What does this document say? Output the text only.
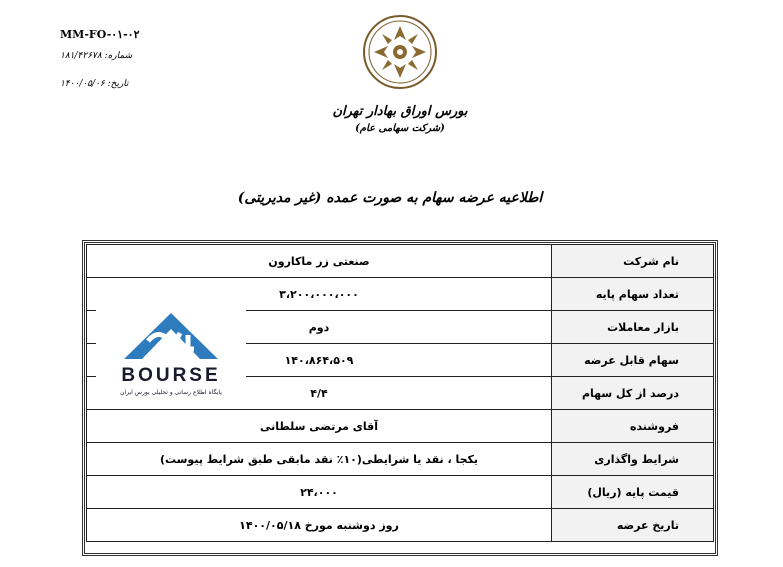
MM-FO-۰۱-۰۲
شماره: ۱۸۱/۴۲۶۷۸
تاریخ: ۱۴۰۰/۰۵/۰۶
بورس اوراق بهادار تهران
(شرکت سهامی عام)
اطلاعیه عرضه سهام به صورت عمده (غیر مدیریتی)
نام شرکت	صنعتی زر ماکارون
تعداد سهام پایه	۳،۲۰۰،۰۰۰،۰۰۰
بازار معاملات	دوم
سهام قابل عرضه	۱۴۰،۸۶۴،۵۰۹
درصد از کل سهام	۴/۴
فروشنده	آقای مرتضی سلطانی
شرایط واگذاری	یکجا ، نقد یا شرایطی(۱۰٪ نقد مابقی طبق شرایط پیوست)
قیمت پایه (ریال)	۲۴،۰۰۰
تاریخ عرضه	روز دوشنبه مورخ ۱۴۰۰/۰۵/۱۸
BOURSE
پایگاه اطلاع رسانی و تحلیلی بورس ایران
